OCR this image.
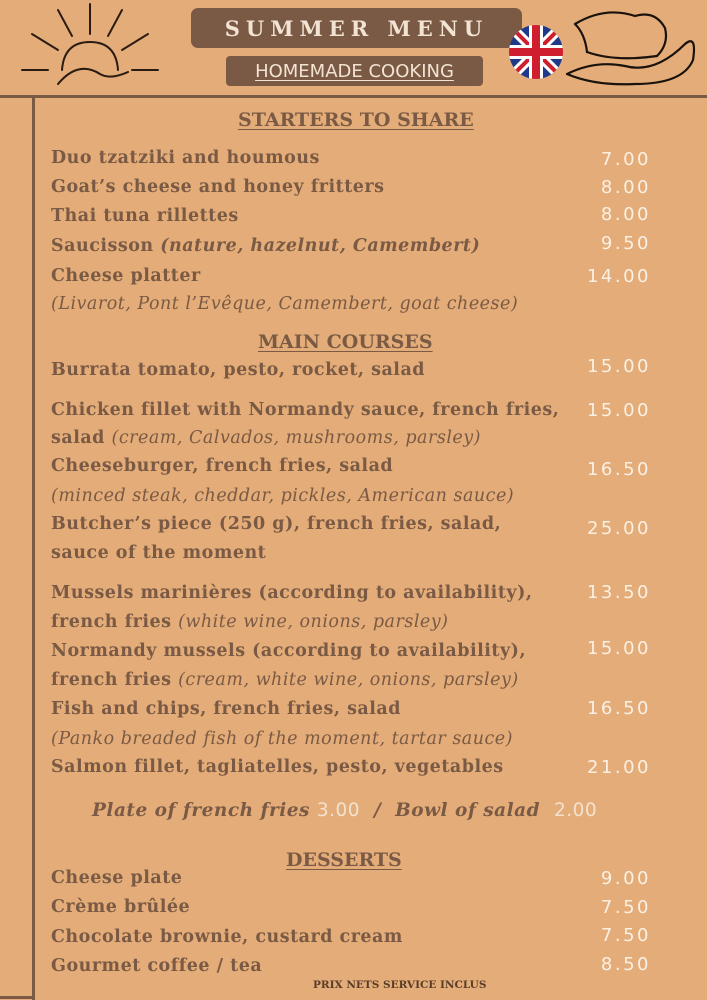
SUMMER MENU
HOMEMADE COOKING
STARTERS TO SHARE
Duo tzatziki and houmous	7.00
Goat’s cheese and honey fritters	8.00
Thai tuna rillettes	8.00
Saucisson (nature, hazelnut, Camembert)	9.50
Cheese platter	14.00
(Livarot, Pont l’Evêque, Camembert, goat cheese)
MAIN COURSES
Burrata tomato, pesto, rocket, salad	15.00
Chicken fillet with Normandy sauce, french fries,	15.00
salad (cream, Calvados, mushrooms, parsley)
Cheeseburger, french fries, salad	16.50
(minced steak, cheddar, pickles, American sauce)
Butcher’s piece (250 g), french fries, salad,	25.00
sauce of the moment
Mussels marinières (according to availability),	13.50
french fries (white wine, onions, parsley)
Normandy mussels (according to availability),	15.00
french fries (cream, white wine, onions, parsley)
Fish and chips, french fries, salad	16.50
(Panko breaded fish of the moment, tartar sauce)
Salmon fillet, tagliatelles, pesto, vegetables	21.00
Plate of french fries 3.00 / Bowl of salad 2.00
DESSERTS
Cheese plate	9.00
Crème brûlée	7.50
Chocolate brownie, custard cream	7.50
Gourmet coffee / tea	8.50
PRIX NETS SERVICE INCLUS
